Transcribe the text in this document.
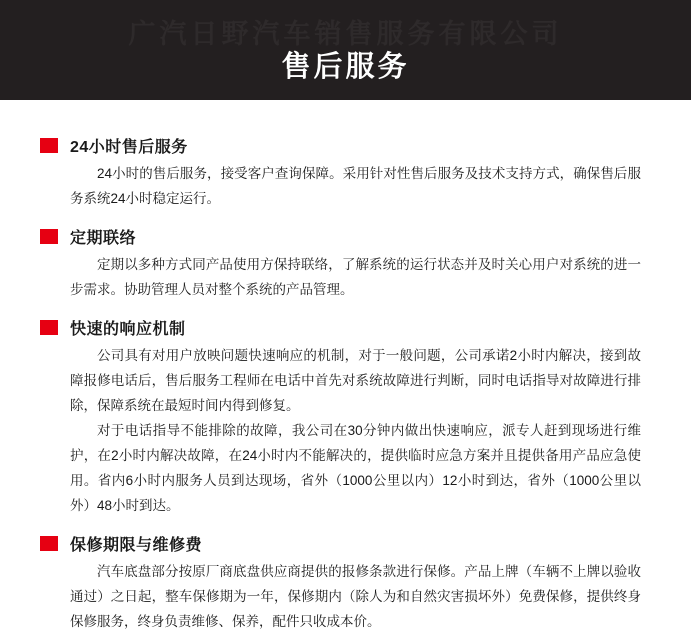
广汽日野汽车销售服务有限公司
售后服务
24小时售后服务

24小时的售后服务，接受客户查询保障。采用针对性售后服务及技术支持方式，确保售后服务系统24小时稳定运行。

定期联络

定期以多种方式同产品使用方保持联络，了解系统的运行状态并及时关心用户对系统的进一步需求。协助管理人员对整个系统的产品管理。

快速的响应机制

公司具有对用户放映问题快速响应的机制，对于一般问题，公司承诺2小时内解决，接到故障报修电话后，售后服务工程师在电话中首先对系统故障进行判断，同时电话指导对故障进行排除，保障系统在最短时间内得到修复。

对于电话指导不能排除的故障，我公司在30分钟内做出快速响应，派专人赶到现场进行维护，在2小时内解决故障，在24小时内不能解决的，提供临时应急方案并且提供备用产品应急使用。省内6小时内服务人员到达现场，省外（1000公里以内）12小时到达，省外（1000公里以外）48小时到达。

保修期限与维修费

汽车底盘部分按原厂商底盘供应商提供的报修条款进行保修。产品上牌（车辆不上牌以验收通过）之日起，整车保修期为一年，保修期内（除人为和自然灾害损坏外）免费保修，提供终身保修服务，终身负责维修、保养，配件只收成本价。
